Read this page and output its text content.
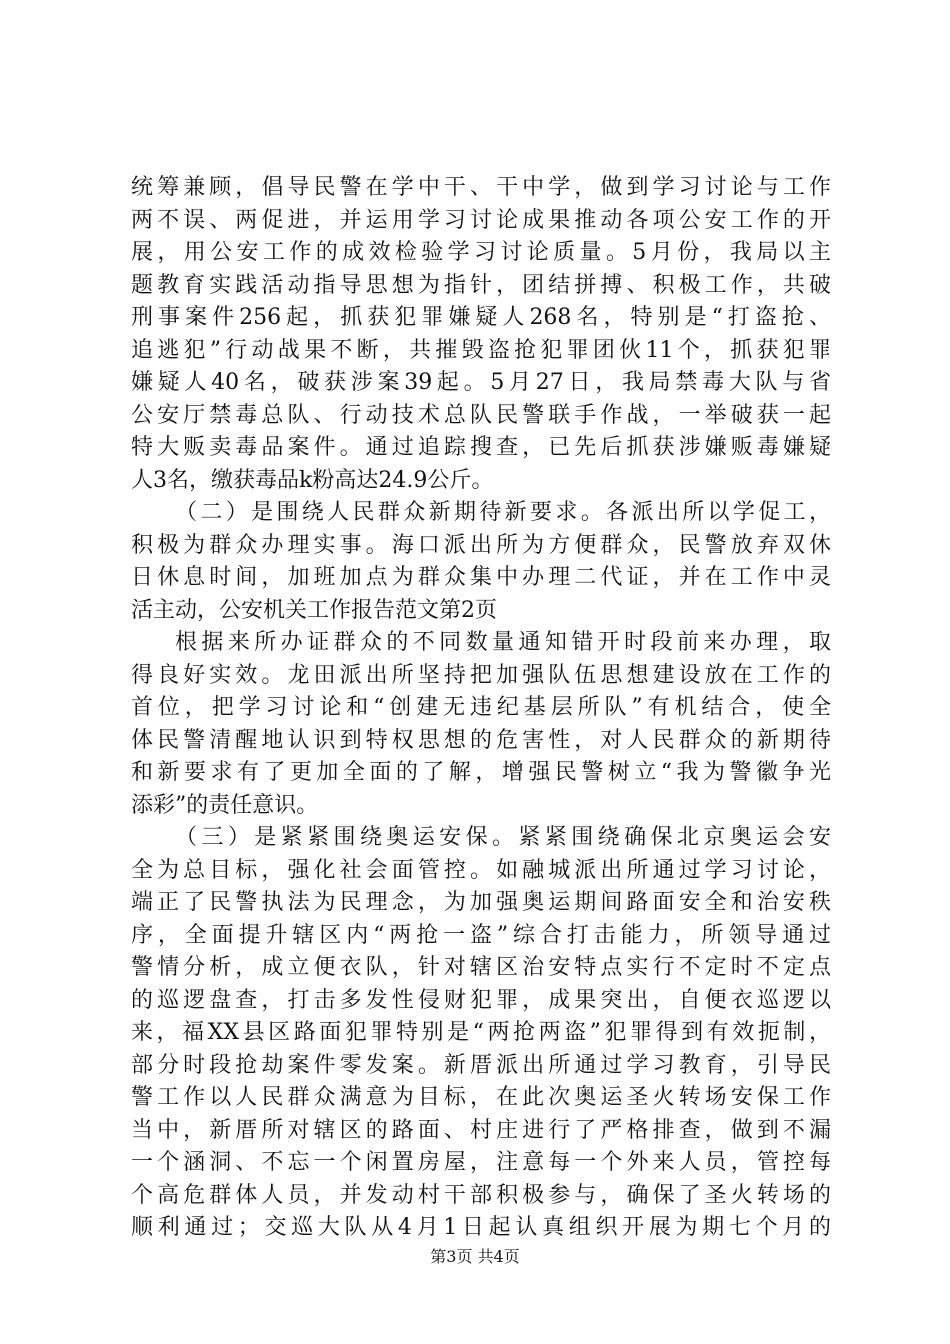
统筹兼顾，倡导民警在学中干、干中学，做到学习讨论与工作
两不误、两促进，并运用学习讨论成果推动各项公安工作的开
展，用公安工作的成效检验学习讨论质量。5月份，我局以主
题教育实践活动指导思想为指针，团结拼搏、积极工作，共破
刑事案件256起，抓获犯罪嫌疑人268名，特别是“打盗抢、
追逃犯”行动战果不断，共摧毁盗抢犯罪团伙11个，抓获犯罪
嫌疑人40名，破获涉案39起。5月27日，我局禁毒大队与省
公安厅禁毒总队、行动技术总队民警联手作战，一举破获一起
特大贩卖毒品案件。通过追踪搜查，已先后抓获涉嫌贩毒嫌疑
人3名，缴获毒品k粉高达24.9公斤。
（二）是围绕人民群众新期待新要求。各派出所以学促工，
积极为群众办理实事。海口派出所为方便群众，民警放弃双休
日休息时间，加班加点为群众集中办理二代证，并在工作中灵
活主动，公安机关工作报告范文第2页
根据来所办证群众的不同数量通知错开时段前来办理，取
得良好实效。龙田派出所坚持把加强队伍思想建设放在工作的
首位，把学习讨论和“创建无违纪基层所队”有机结合，使全
体民警清醒地认识到特权思想的危害性，对人民群众的新期待
和新要求有了更加全面的了解，增强民警树立“我为警徽争光
添彩”的责任意识。
（三）是紧紧围绕奥运安保。紧紧围绕确保北京奥运会安
全为总目标，强化社会面管控。如融城派出所通过学习讨论，
端正了民警执法为民理念，为加强奥运期间路面安全和治安秩
序，全面提升辖区内“两抢一盗”综合打击能力，所领导通过
警情分析，成立便衣队，针对辖区治安特点实行不定时不定点
的巡逻盘查，打击多发性侵财犯罪，成果突出，自便衣巡逻以
来，福XX县区路面犯罪特别是“两抢两盗”犯罪得到有效扼制，
部分时段抢劫案件零发案。新厝派出所通过学习教育，引导民
警工作以人民群众满意为目标，在此次奥运圣火转场安保工作
当中，新厝所对辖区的路面、村庄进行了严格排查，做到不漏
一个涵洞、不忘一个闲置房屋，注意每一个外来人员，管控每
个高危群体人员，并发动村干部积极参与，确保了圣火转场的
顺利通过；交巡大队从4月1日起认真组织开展为期七个月的
第3页 共4页
